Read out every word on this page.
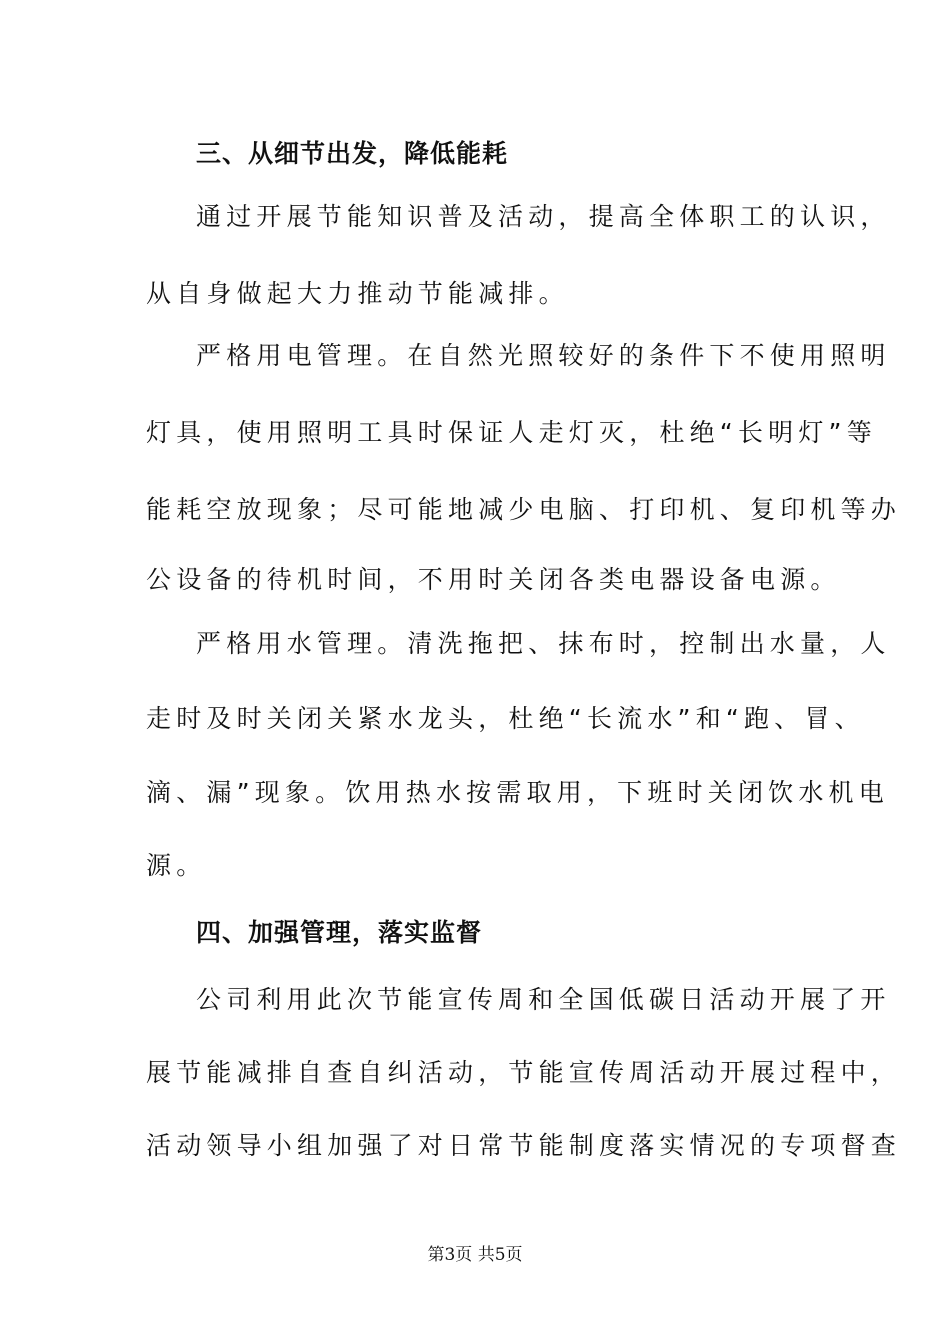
三、从细节出发，降低能耗
通过开展节能知识普及活动，提高全体职工的认识，
从自身做起大力推动节能减排。
严格用电管理。在自然光照较好的条件下不使用照明
灯具，使用照明工具时保证人走灯灭，杜绝“长明灯”等
能耗空放现象；尽可能地减少电脑、打印机、复印机等办
公设备的待机时间，不用时关闭各类电器设备电源。
严格用水管理。清洗拖把、抹布时，控制出水量，人
走时及时关闭关紧水龙头，杜绝“长流水”和“跑、冒、
滴、漏”现象。饮用热水按需取用，下班时关闭饮水机电
源。
四、加强管理，落实监督
公司利用此次节能宣传周和全国低碳日活动开展了开
展节能减排自查自纠活动，节能宣传周活动开展过程中，
活动领导小组加强了对日常节能制度落实情况的专项督查
第3页 共5页
